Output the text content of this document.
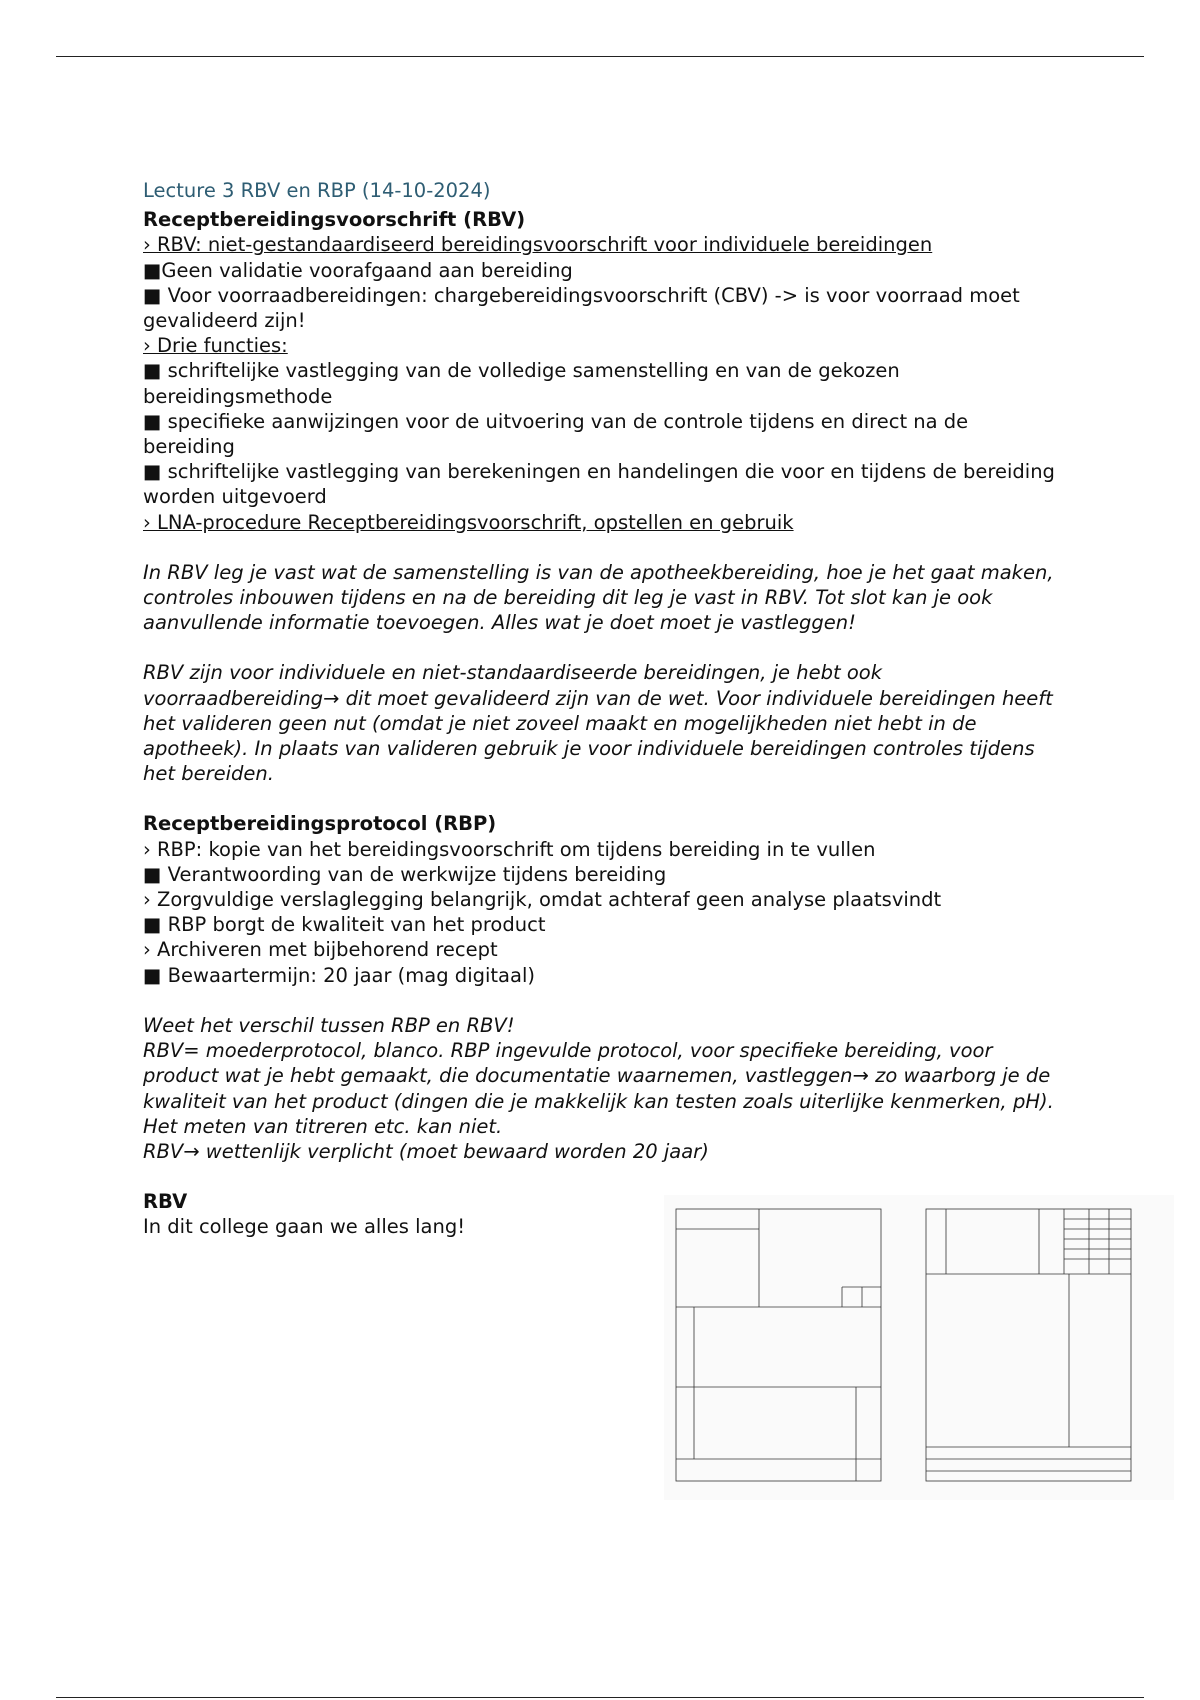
Lecture 3 RBV en RBP (14-10-2024)
Receptbereidingsvoorschrift (RBV)
› RBV: niet-gestandaardiseerd bereidingsvoorschrift voor individuele bereidingen
■Geen validatie voorafgaand aan bereiding
■ Voor voorraadbereidingen: chargebereidingsvoorschrift (CBV) -> is voor voorraad moet gevalideerd zijn!
› Drie functies:
■ schriftelijke vastlegging van de volledige samenstelling en van de gekozen bereidingsmethode
■ specifieke aanwijzingen voor de uitvoering van de controle tijdens en direct na de bereiding
■ schriftelijke vastlegging van berekeningen en handelingen die voor en tijdens de bereiding worden uitgevoerd
› LNA-procedure Receptbereidingsvoorschrift, opstellen en gebruik
In RBV leg je vast wat de samenstelling is van de apotheekbereiding, hoe je het gaat maken, controles inbouwen tijdens en na de bereiding dit leg je vast in RBV. Tot slot kan je ook aanvullende informatie toevoegen. Alles wat je doet moet je vastleggen!
RBV zijn voor individuele en niet-standaardiseerde bereidingen, je hebt ook voorraadbereiding→ dit moet gevalideerd zijn van de wet. Voor individuele bereidingen heeft het valideren geen nut (omdat je niet zoveel maakt en mogelijkheden niet hebt in de apotheek). In plaats van valideren gebruik je voor individuele bereidingen controles tijdens het bereiden.
Receptbereidingsprotocol (RBP)
› RBP: kopie van het bereidingsvoorschrift om tijdens bereiding in te vullen
■ Verantwoording van de werkwijze tijdens bereiding
› Zorgvuldige verslaglegging belangrijk, omdat achteraf geen analyse plaatsvindt
■ RBP borgt de kwaliteit van het product
› Archiveren met bijbehorend recept
■ Bewaartermijn: 20 jaar (mag digitaal)
Weet het verschil tussen RBP en RBV!
RBV= moederprotocol, blanco. RBP ingevulde protocol, voor specifieke bereiding, voor product wat je hebt gemaakt, die documentatie waarnemen, vastleggen→ zo waarborg je de kwaliteit van het product (dingen die je makkelijk kan testen zoals uiterlijke kenmerken, pH). Het meten van titreren etc. kan niet.
RBV→ wettenlijk verplicht (moet bewaard worden 20 jaar)
RBV
In dit college gaan we alles lang!
